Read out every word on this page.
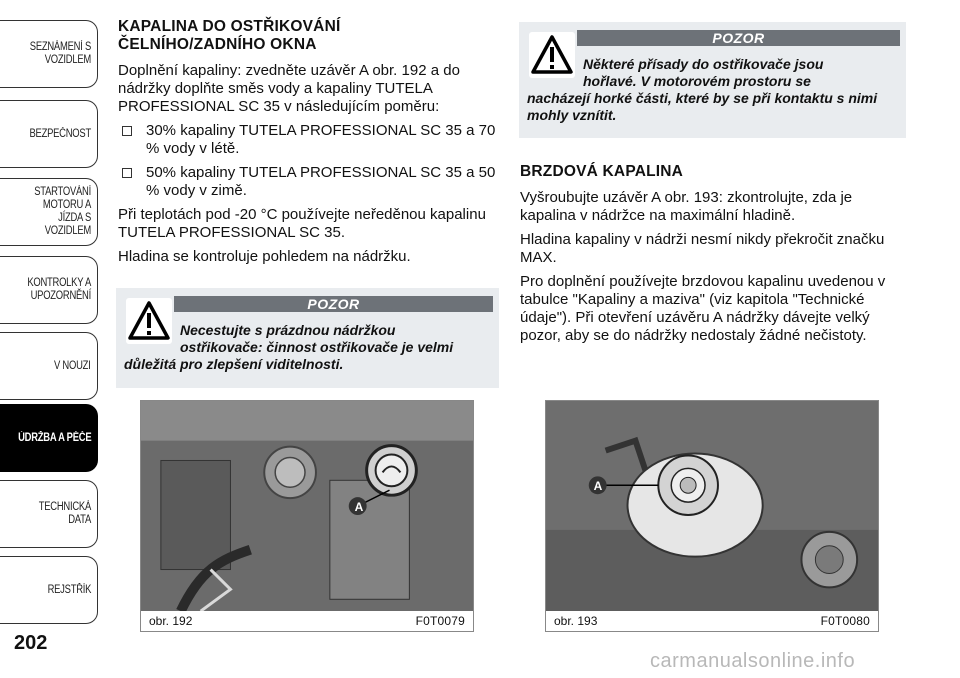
SEZNÁMENÍ S VOZIDLEM
BEZPEČNOST
STARTOVÁNÍ MOTORU A JÍZDA S VOZIDLEM
KONTROLKY A UPOZORNĚNÍ
V NOUZI
ÚDRŽBA A PÉČE
TECHNICKÁ DATA
REJSTŘÍK
202
KAPALINA DO OSTŘIKOVÁNÍ
ČELNÍHO/ZADNÍHO OKNA

Doplnění kapaliny: zvedněte uzávěr A obr. 192 a do nádržky doplňte směs vody a kapaliny TUTELA PROFESSIONAL SC 35 v následujícím poměru:

30% kapaliny TUTELA PROFESSIONAL SC 35 a 70 % vody v létě.
50% kapaliny TUTELA PROFESSIONAL SC 35 a 50 % vody v zimě.

Při teplotách pod -20 °C používejte neředěnou kapalinu TUTELA PROFESSIONAL SC 35.

Hladina se kontroluje pohledem na nádržku.

POZOR
Necestujte s prázdnou nádržkou
ostřikovače: činnost ostřikovače je velmi
důležitá pro zlepšení viditelnosti.
POZOR
Některé přísady do ostřikovače jsou
hořlavé. V motorovém prostoru se
nacházejí horké části, které by se při kontaktu s nimi mohly vznítit.
BRZDOVÁ KAPALINA

Vyšroubujte uzávěr A obr. 193: zkontrolujte, zda je kapalina v nádržce na maximální hladině.

Hladina kapaliny v nádrži nesmí nikdy překročit značku MAX.

Pro doplnění používejte brzdovou kapalinu uvedenou v tabulce "Kapaliny a maziva" (viz kapitola "Technické údaje"). Při otevření uzávěru A nádržky dávejte velký pozor, aby se do nádržky nedostaly žádné nečistoty.

A
obr. 192	F0T0079
A
obr. 193	F0T0080
carmanualsonline.info
